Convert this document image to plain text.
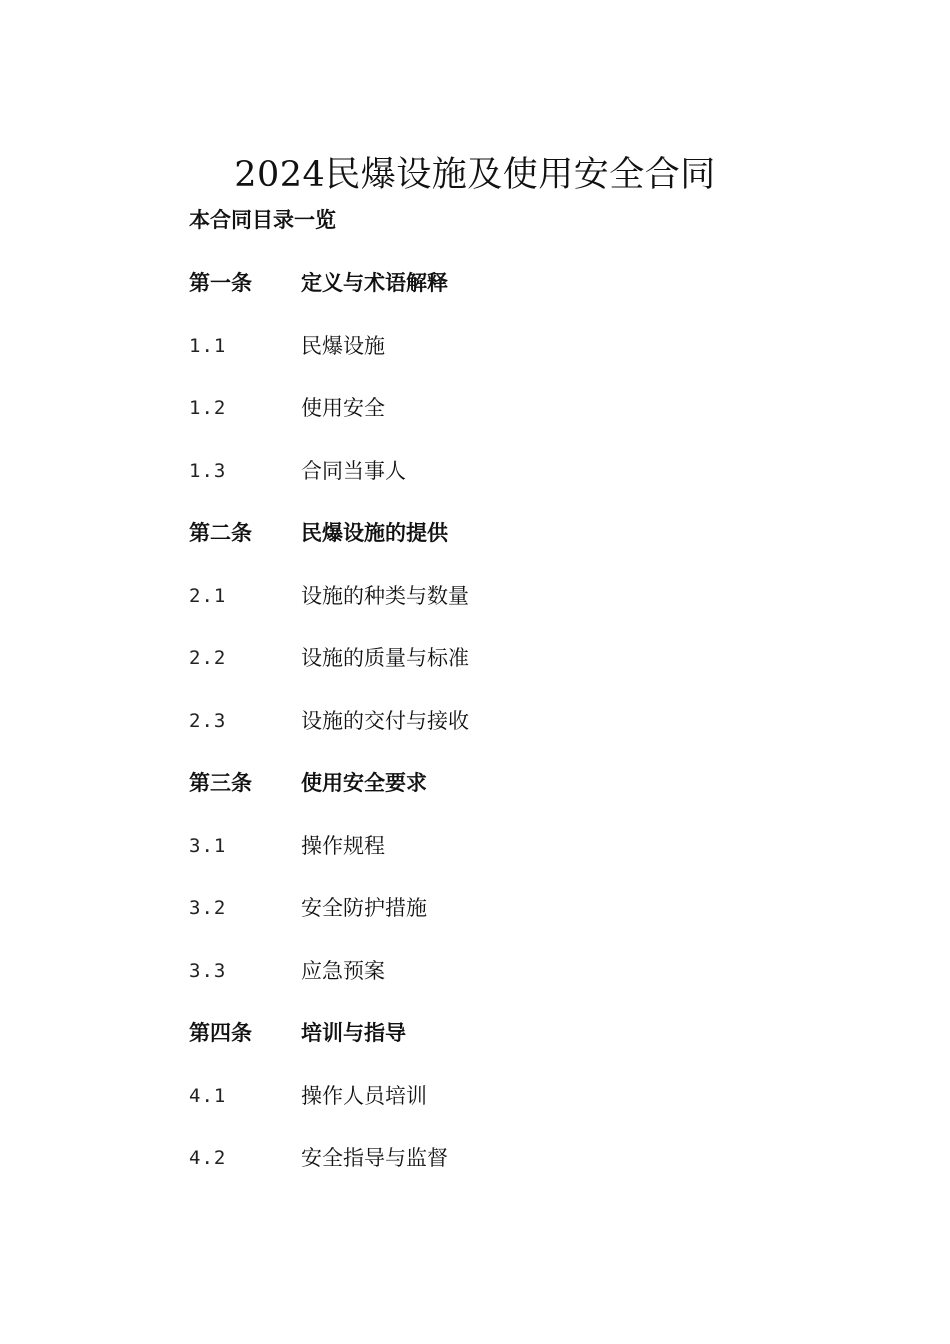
2024民爆设施及使用安全合同
本合同目录一览
第一条	定义与术语解释
1.1	民爆设施
1.2	使用安全
1.3	合同当事人
第二条	民爆设施的提供
2.1	设施的种类与数量
2.2	设施的质量与标准
2.3	设施的交付与接收
第三条	使用安全要求
3.1	操作规程
3.2	安全防护措施
3.3	应急预案
第四条	培训与指导
4.1	操作人员培训
4.2	安全指导与监督
